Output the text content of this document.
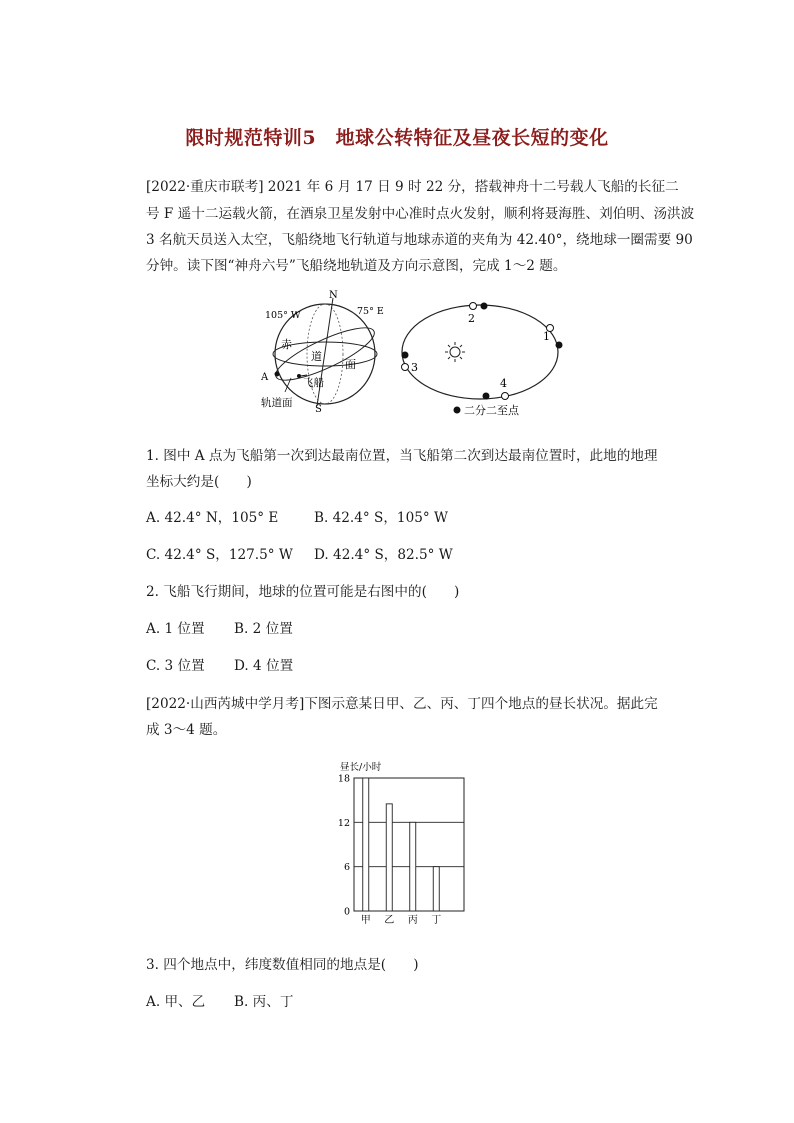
限时规范特训5　地球公转特征及昼夜长短的变化
[2022·重庆市联考] 2021 年 6 月 17 日 9 时 22 分，搭载神舟十二号载人飞船的长征二
号 F 遥十二运载火箭，在酒泉卫星发射中心准时点火发射，顺利将聂海胜、刘伯明、汤洪波
3 名航天员送入太空，飞船绕地飞行轨道与地球赤道的夹角为 42.40°，绕地球一圈需要 90
分钟。读下图“神舟六号”飞船绕地轨道及方向示意图，完成 1～2 题。
N
S
105° W	75° E
赤
道
面
A	飞船
轨道面
2
1
3
4
二分二至点
1. 图中 A 点为飞船第一次到达最南位置，当飞船第二次到达最南位置时，此地的地理
坐标大约是(　　)
A. 42.4° N，105° E	B. 42.4° S，105° W
C. 42.4° S，127.5° W D. 42.4° S，82.5° W
2. 飞船飞行期间，地球的位置可能是右图中的(　　)
A. 1 位置 B. 2 位置
C. 3 位置 D. 4 位置
[2022·山西芮城中学月考]下图示意某日甲、乙、丙、丁四个地点的昼长状况。据此完
成 3～4 题。
昼长/小时
0
6
12
18
甲 乙 丙 丁
3. 四个地点中，纬度数值相同的地点是(　　)
A. 甲、乙 B. 丙、丁
